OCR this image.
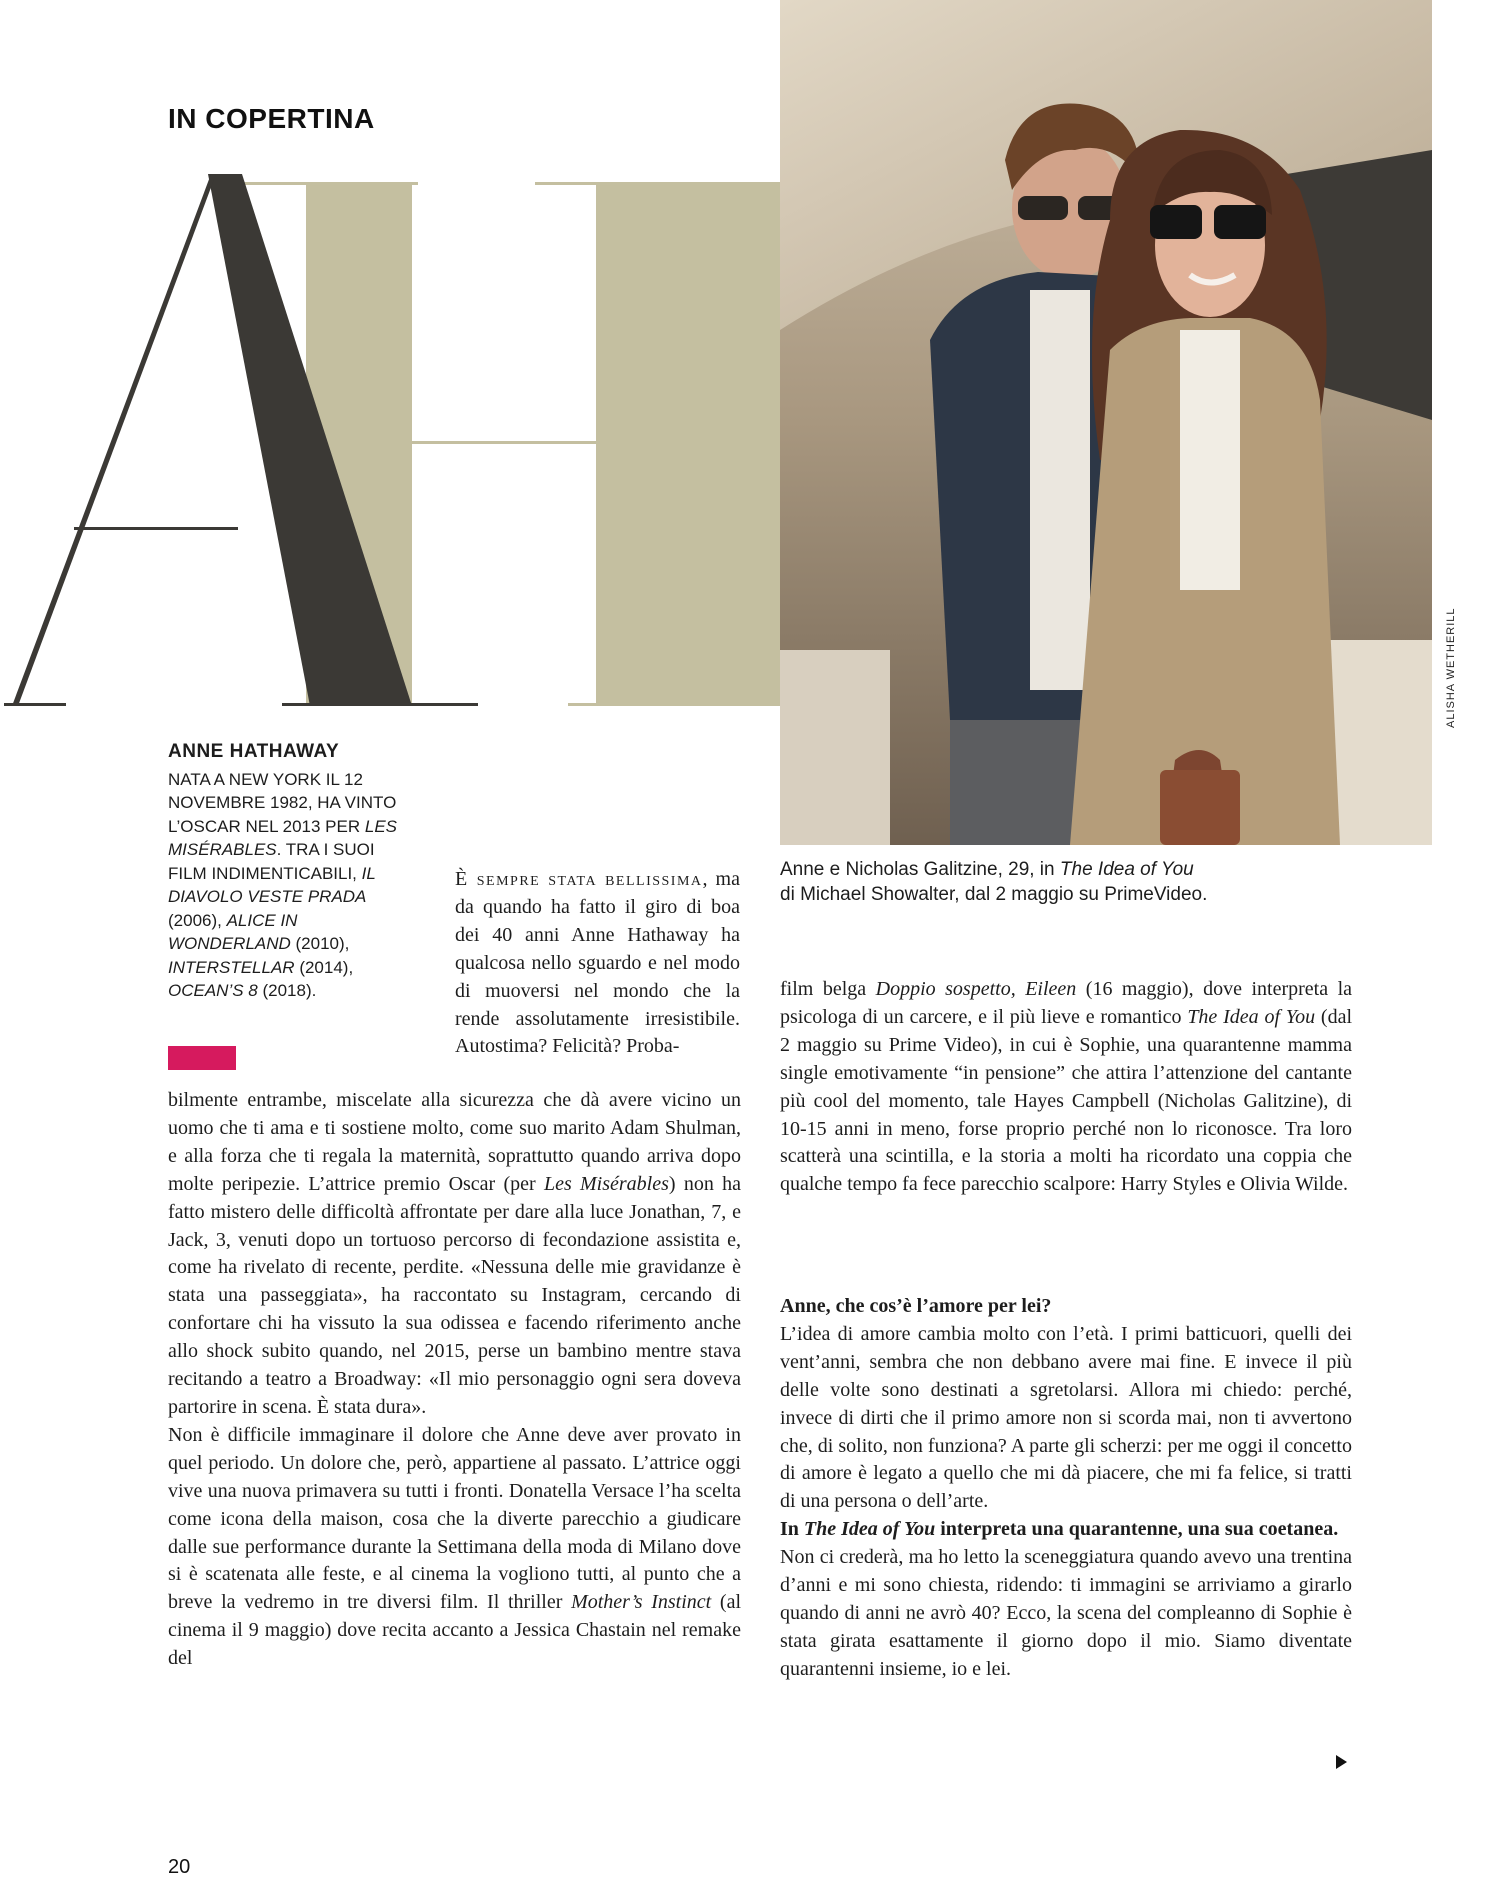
IN COPERTINA
ALISHA WETHERILL
Anne e Nicholas Galitzine, 29, in The Idea of You
di Michael Showalter, dal 2 maggio su PrimeVideo.
ANNE HATHAWAY
NATA A NEW YORK IL 12 NOVEMBRE 1982, HA VINTO L’OSCAR NEL 2013 PER LES MISÉRABLES. TRA I SUOI FILM INDIMENTICABILI, IL DIAVOLO VESTE PRADA (2006), ALICE IN WONDERLAND (2010), INTERSTELLAR (2014), OCEAN’S 8 (2018).

È sempre stata bellissima, ma da quando ha fatto il giro di boa dei 40 anni Anne Hathaway ha qualcosa nello sguardo e nel modo di muoversi nel mondo che la rende assolutamente irresistibile. Autostima? Felicità? Proba-

bilmente entrambe, miscelate alla sicurezza che dà avere vicino un uomo che ti ama e ti sostiene molto, come suo marito Adam Shulman, e alla forza che ti regala la maternità, soprattutto quando arriva dopo molte peripezie. L’attrice premio Oscar (per Les Misérables) non ha fatto mistero delle difficoltà affrontate per dare alla luce Jonathan, 7, e Jack, 3, venuti dopo un tortuoso percorso di fecondazione assistita e, come ha rivelato di recente, perdite. «Nessuna delle mie gravidanze è stata una passeggiata», ha raccontato su Instagram, cercando di confortare chi ha vissuto la sua odissea e facendo riferimento anche allo shock subito quando, nel 2015, perse un bambino mentre stava recitando a teatro a Broadway: «Il mio personaggio ogni sera doveva partorire in scena. È stata dura».

Non è difficile immaginare il dolore che Anne deve aver provato in quel periodo. Un dolore che, però, appartiene al passato. L’attrice oggi vive una nuova primavera su tutti i fronti. Donatella Versace l’ha scelta come icona della maison, cosa che la diverte parecchio a giudicare dalle sue performance durante la Settimana della moda di Milano dove si è scatenata alle feste, e al cinema la vogliono tutti, al punto che a breve la vedremo in tre diversi film. Il thriller Mother’s Instinct (al cinema il 9 maggio) dove recita accanto a Jessica Chastain nel remake del

film belga Doppio sospetto, Eileen (16 maggio), dove interpreta la psicologa di un carcere, e il più lieve e romantico The Idea of You (dal 2 maggio su Prime Video), in cui è Sophie, una quarantenne mamma single emotivamente “in pensione” che attira l’attenzione del cantante più cool del momento, tale Hayes Campbell (Nicholas Galitzine), di 10-15 anni in meno, forse proprio perché non lo riconosce. Tra loro scatterà una scintilla, e la storia a molti ha ricordato una coppia che qualche tempo fa fece parecchio scalpore: Harry Styles e Olivia Wilde.

Anne, che cos’è l’amore per lei?
L’idea di amore cambia molto con l’età. I primi batticuori, quelli dei vent’anni, sembra che non debbano avere mai fine. E invece il più delle volte sono destinati a sgretolarsi. Allora mi chiedo: perché, invece di dirti che il primo amore non si scorda mai, non ti avvertono che, di solito, non funziona? A parte gli scherzi: per me oggi il concetto di amore è legato a quello che mi dà piacere, che mi fa felice, si tratti di una persona o dell’arte.

In The Idea of You interpreta una quarantenne, una sua coetanea.
Non ci crederà, ma ho letto la sceneggiatura quando avevo una trentina d’anni e mi sono chiesta, ridendo: ti immagini se arriviamo a girarlo quando di anni ne avrò 40? Ecco, la scena del compleanno di Sophie è stata girata esattamente il giorno dopo il mio. Siamo diventate quarantenni insieme, io e lei.

20
